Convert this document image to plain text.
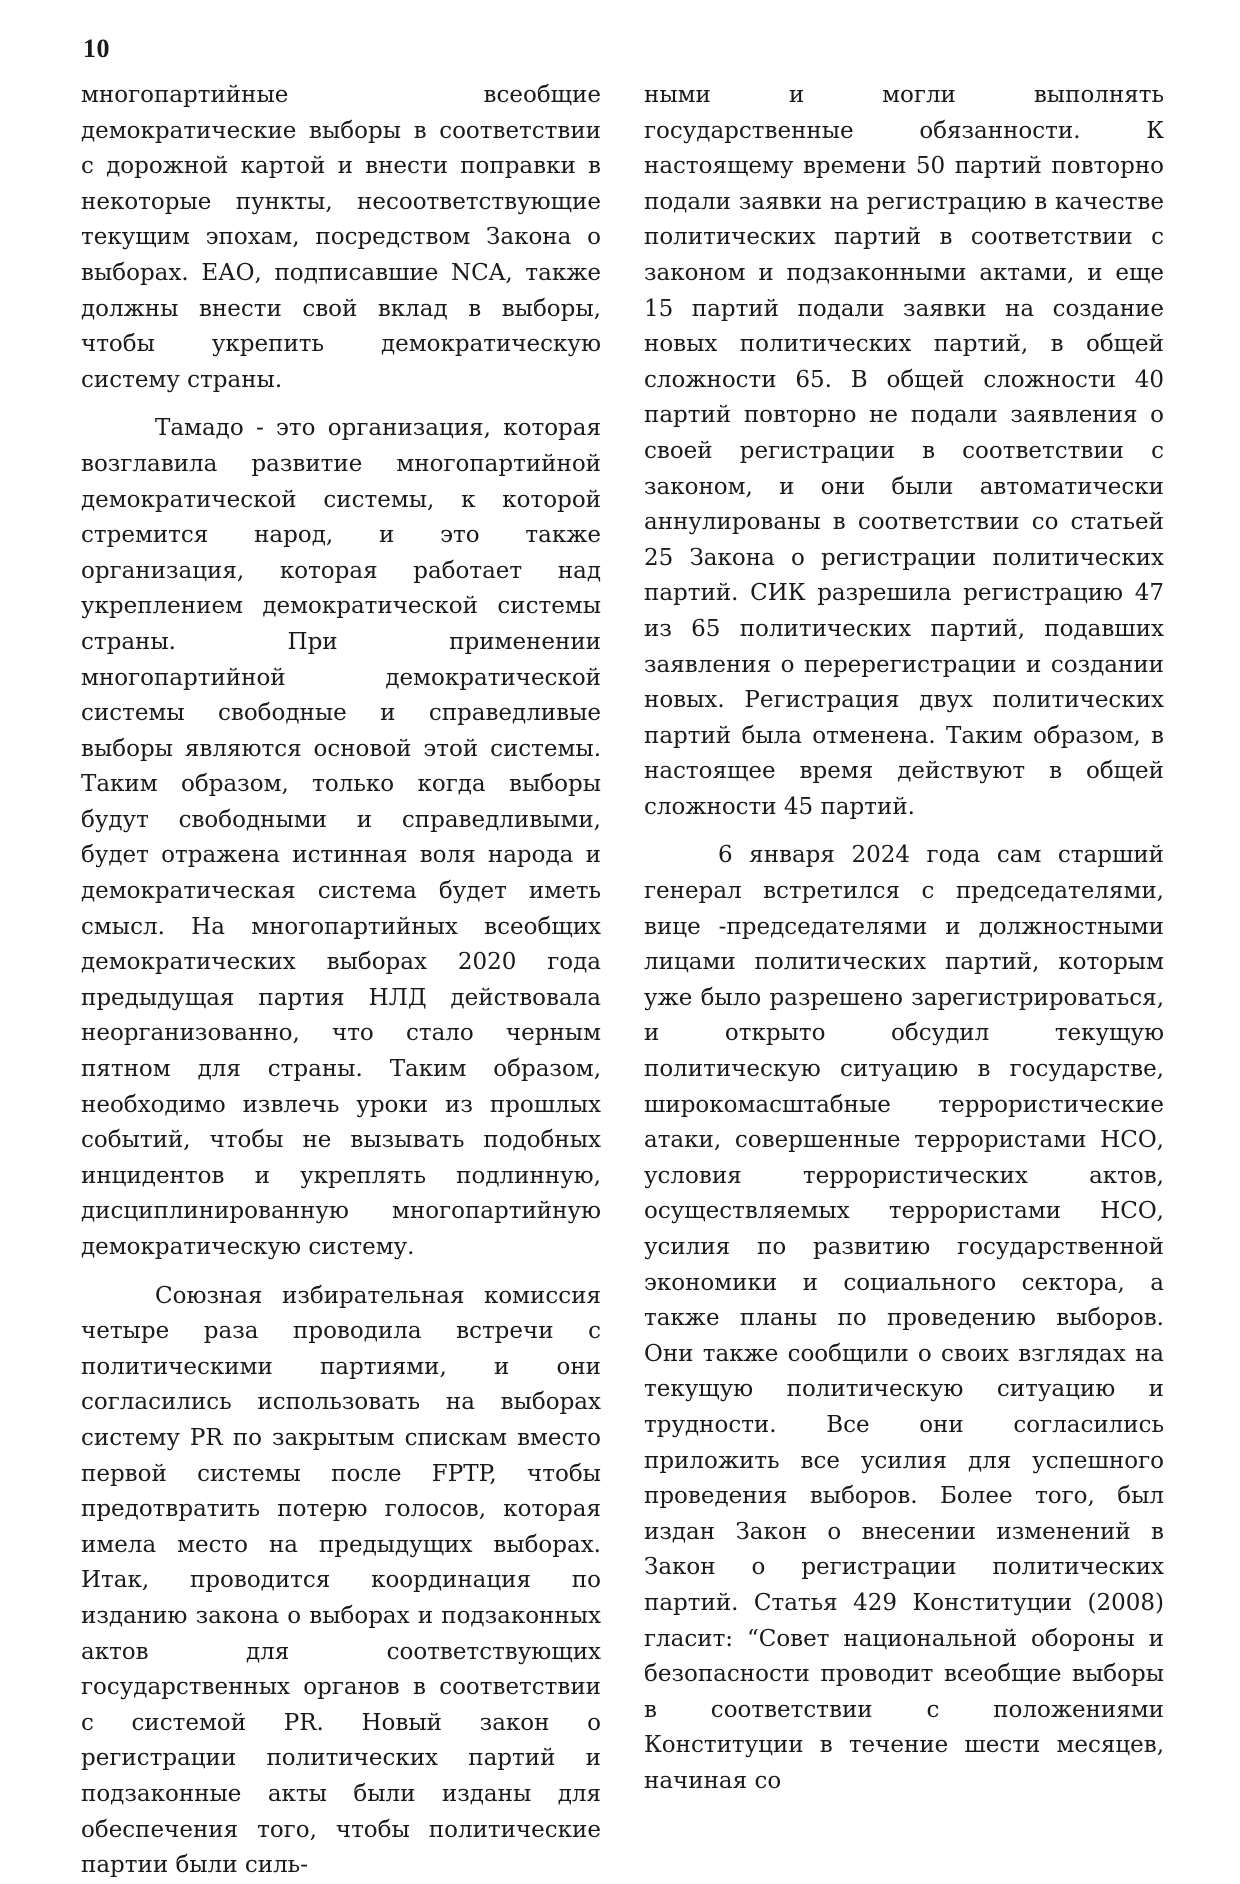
10

многопартийные всеобщие демократические выборы в соответствии с дорожной картой и внести поправки в некоторые пункты, несоответствующие текущим эпохам, посредством Закона о выборах. ЕАО, подписавшие NCA, также должны внести свой вклад в выборы, чтобы укрепить демократическую систему страны.

Тамадо - это организация, которая возглавила развитие многопартийной демократической системы, к которой стремится народ, и это также организация, которая работает над укреплением демократической системы страны. При применении многопартийной демократической системы свободные и справедливые выборы являются основой этой системы. Таким образом, только когда выборы будут свободными и справедливыми, будет отражена истинная воля народа и демократическая система будет иметь смысл. На многопартийных всеобщих демократических выборах 2020 года предыдущая партия НЛД действовала неорганизованно, что стало черным пятном для страны. Таким образом, необходимо извлечь уроки из прошлых событий, чтобы не вызывать подобных инцидентов и укреплять подлинную, дисциплинированную многопартийную демократическую систему.

Союзная избирательная комиссия четыре раза проводила встречи с политическими партиями, и они согласились использовать на выборах систему PR по закрытым спискам вместо первой системы после FPTP, чтобы предотвратить потерю голосов, которая имела место на предыдущих выборах. Итак, проводится координация по изданию закона о выборах и подзаконных актов для соответствующих государственных органов в соответствии с системой PR. Новый закон о регистрации политических партий и подзаконные акты были изданы для обеспечения того, чтобы политические партии были силь-

ными и могли выполнять государственные обязанности. К настоящему времени 50 партий повторно подали заявки на регистрацию в качестве политических партий в соответствии с законом и подзаконными актами, и еще 15 партий подали заявки на создание новых политических партий, в общей сложности 65. В общей сложности 40 партий повторно не подали заявления о своей регистрации в соответствии с законом, и они были автоматически аннулированы в соответствии со статьей 25 Закона о регистрации политических партий. СИК разрешила регистрацию 47 из 65 политических партий, подавших заявления о перерегистрации и создании новых. Регистрация двух политических партий была отменена. Таким образом, в настоящее время действуют в общей сложности 45 партий.

6 января 2024 года сам старший генерал встретился с председателями, вице -председателями и должностными лицами политических партий, которым уже было разрешено зарегистрироваться, и открыто обсудил текущую политическую ситуацию в государстве, широкомасштабные террористические атаки, совершенные террористами НСО, условия террористических актов, осуществляемых террористами НСО, усилия по развитию государственной экономики и социального сектора, а также планы по проведению выборов. Они также сообщили о своих взглядах на текущую политическую ситуацию и трудности. Все они согласились приложить все усилия для успешного проведения выборов. Более того, был издан Закон о внесении изменений в Закон о регистрации политических партий. Статья 429 Конституции (2008) гласит: “Совет национальной обороны и безопасности проводит всеобщие выборы в соответствии с положениями Конституции в течение шести месяцев, начиная со
